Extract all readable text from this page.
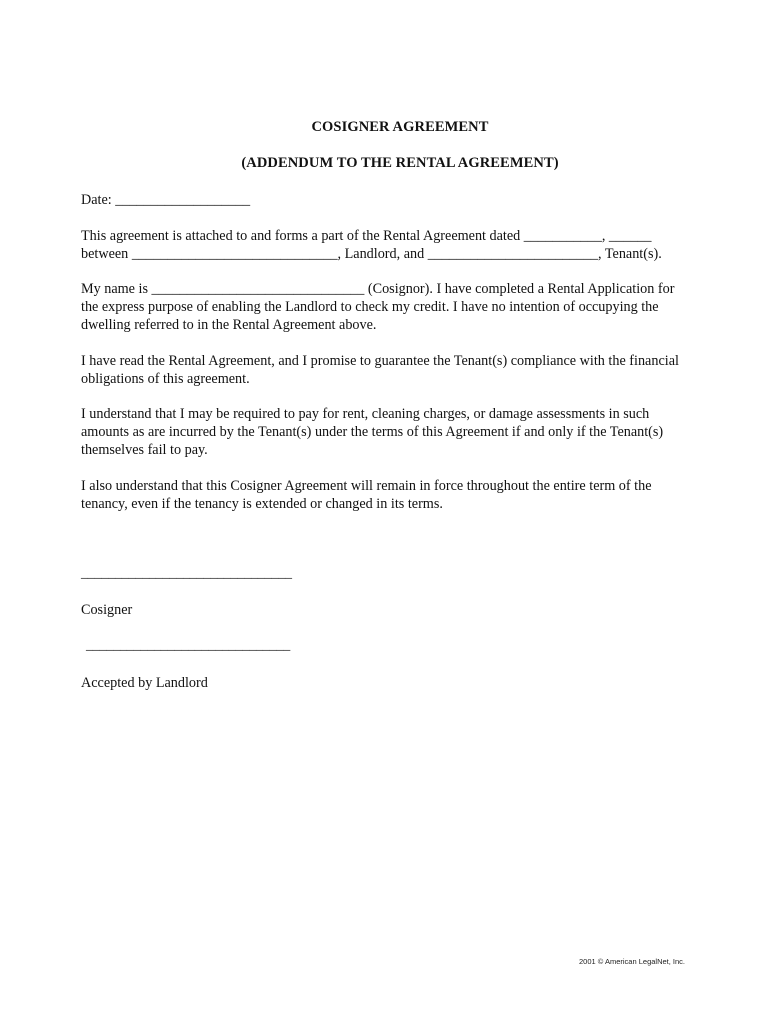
COSIGNER AGREEMENT
(ADDENDUM TO THE RENTAL AGREEMENT)
Date: ___________________
This agreement is attached to and forms a part of the Rental Agreement dated ___________, ______
between _____________________________, Landlord, and ________________________, Tenant(s).
My name is ______________________________ (Cosignor). I have completed a Rental Application for
the express purpose of enabling the Landlord to check my credit. I have no intention of occupying the
dwelling referred to in the Rental Agreement above.
I have read the Rental Agreement, and I promise to guarantee the Tenant(s) compliance with the financial
obligations of this agreement.
I understand that I may be required to pay for rent, cleaning charges, or damage assessments in such
amounts as are incurred by the Tenant(s) under the terms of this Agreement if and only if the Tenant(s)
themselves fail to pay.
I also understand that this Cosigner Agreement will remain in force throughout the entire term of the
tenancy, even if the tenancy is extended or changed in its terms.
_______________________________
Cosigner
______________________________
Accepted by Landlord
2001 © American LegalNet, Inc.
